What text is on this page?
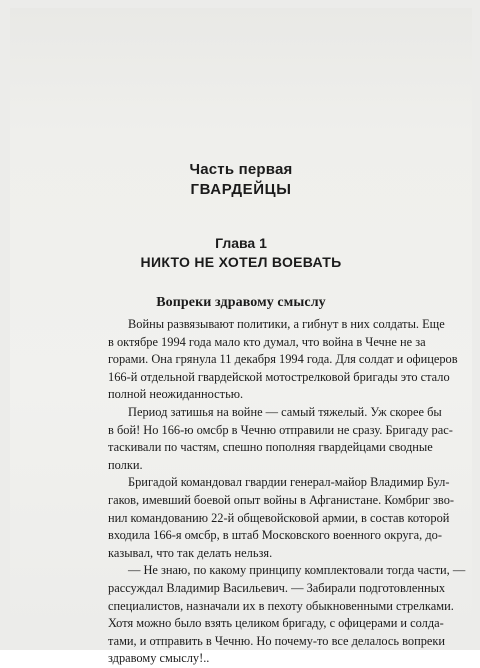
Часть первая
ГВАРДЕЙЦЫ
Глава 1
НИКТО НЕ ХОТЕЛ ВОЕВАТЬ
Вопреки здравому смыслу
Войны развязывают политики, а гибнут в них солдаты. Еще
в октябре 1994 года мало кто думал, что война в Чечне не за
горами. Она грянула 11 декабря 1994 года. Для солдат и офицеров
166-й отдельной гвардейской мотострелковой бригады это стало
полной неожиданностью.
Период затишья на войне — самый тяжелый. Уж скорее бы
в бой! Но 166-ю омсбр в Чечню отправили не сразу. Бригаду рас-
таскивали по частям, спешно пополняя гвардейцами сводные
полки.
Бригадой командовал гвардии генерал-майор Владимир Бул-
гаков, имевший боевой опыт войны в Афганистане. Комбриг зво-
нил командованию 22-й общевойсковой армии, в состав которой
входила 166-я омсбр, в штаб Московского военного округа, до-
казывал, что так делать нельзя.
— Не знаю, по какому принципу комплектовали тогда части, —
рассуждал Владимир Васильевич. — Забирали подготовленных
специалистов, назначали их в пехоту обыкновенными стрелками.
Хотя можно было взять целиком бригаду, с офицерами и солда-
тами, и отправить в Чечню. Но почему-то все делалось вопреки
здравому смыслу!..
